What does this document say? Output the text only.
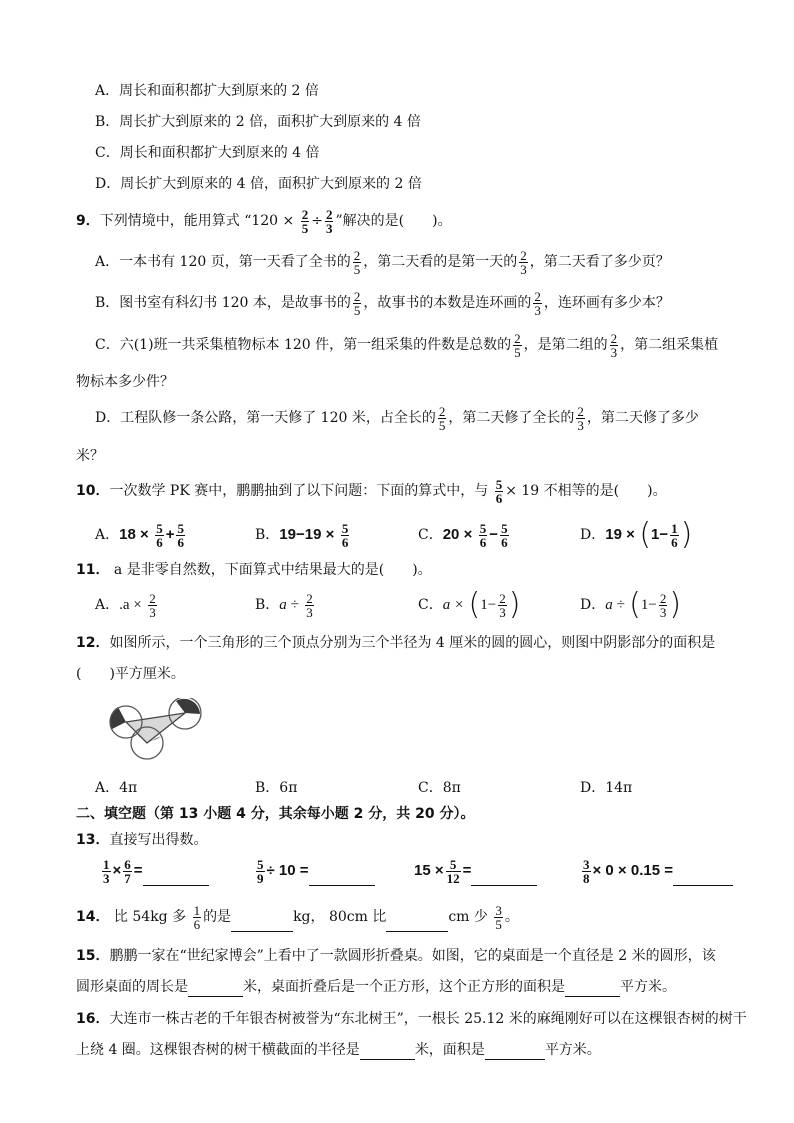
A．周长和面积都扩大到原来的 2 倍
B．周长扩大到原来的 2 倍，面积扩大到原来的 4 倍
C．周长和面积都扩大到原来的 4 倍
D．周长扩大到原来的 4 倍，面积扩大到原来的 2 倍
9．下列情境中，能用算式 “$120 \times \frac{2}{5} \div \frac{2}{3}$ ”解决的是(　　)。
A．一本书有 120 页，第一天看了全书的 $\frac{2}{5}$ ，第二天看的是第一天的 $\frac{2}{3}$ ，第二天看了多少页？
B．图书室有科幻书 120 本，是故事书的 $\frac{2}{5}$ ，故事书的本数是连环画的 $\frac{2}{3}$ ，连环画有多少本？
C．六(1)班一共采集植物标本 120 件，第一组采集的件数是总数的 $\frac{2}{5}$ ，是第二组的 $\frac{2}{3}$ ，第二组采集植
物标本多少件？
D．工程队修一条公路，第一天修了 120 米，占全长的 $\frac{2}{5}$ ，第二天修了全长的 $\frac{2}{3}$ ，第二天修了多少
米？
10．一次数学 PK 赛中，鹏鹏抽到了以下问题：下面的算式中，与 $\frac{5}{6} \times 19$ 不相等的是(　　)。
A．$18 \times \frac{5}{6} + \frac{5}{6}$	B．$19-19 \times \frac{5}{6}$	C．$20 \times \frac{5}{6} - \frac{5}{6}$	D．$19 \times (1- \frac{1}{6}$ )
11． a 是非零自然数，下面算式中结果最大的是(　　)。
A．$.a \times \frac{2}{3}$	B．$a \div \frac{2}{3}$	C．$a \times (1- \frac{2}{3}$ )	D．$a \div (1- \frac{2}{3}$ )
12．如图所示，一个三角形的三个顶点分别为三个半径为 4 厘米的圆的圆心，则图中阴影部分的面积是
(　　)平方厘米。
A．4π	B．6π	C．8π	D．14π
二、填空题（第 13 小题 4 分，其余每小题 2 分，共 20 分）。
13．直接写出得数。
$\frac{1}{3} \times \frac{6}{7}$ =	$\frac{5}{9} \div 10$ =	$15 \times \frac{5}{12}$ =	$\frac{3}{8} \times 0 \times 0.15$ =
14． 比 54kg 多 $\frac{1}{6}$ 的是	kg， 80cm 比	cm 少 $\frac{3}{5}$ 。
15．鹏鹏一家在“世纪家博会”上看中了一款圆形折叠桌。如图，它的桌面是一个直径是 2 米的圆形，该
圆形桌面的周长是	米，桌面折叠后是一个正方形，这个正方形的面积是	平方米。
16．大连市一株古老的千年银杏树被誉为“东北树王”，一根长 25.12 米的麻绳刚好可以在这棵银杏树的树干
上绕 4 圈。这棵银杏树的树干横截面的半径是	米，面积是	平方米。
